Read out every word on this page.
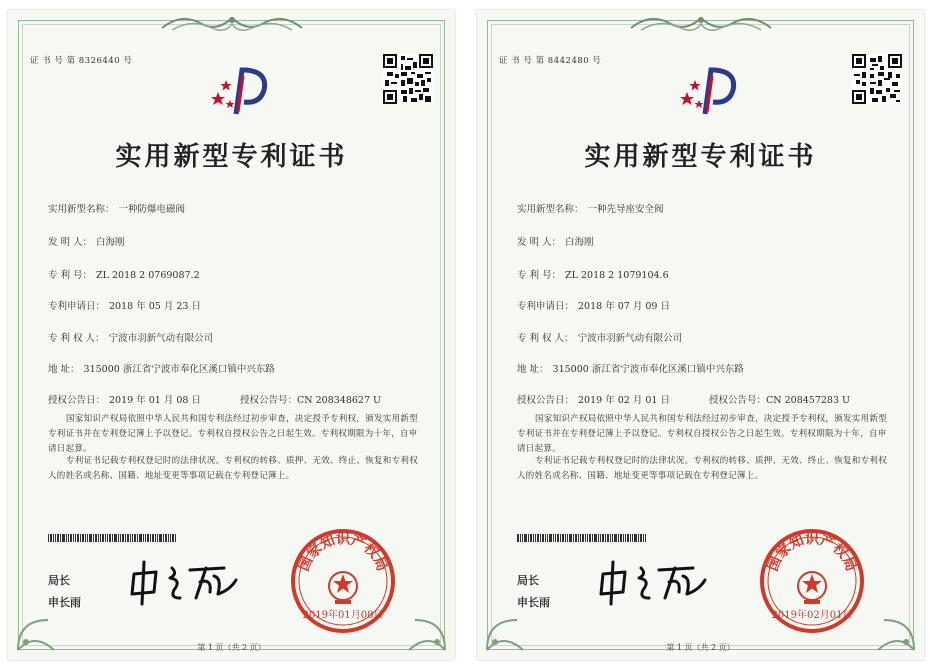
证 书 号 第 8326440 号
实用新型专利证书
实用新型名称： 一种防爆电磁阀
发 明 人： 白海刚
专 利 号： ZL 2018 2 0769087.2
专利申请日： 2018 年 05 月 23 日
专 利 权 人： 宁波市羽新气动有限公司
地 址： 315000 浙江省宁波市奉化区溪口镇中兴东路
授权公告日： 2019 年 01 月 08 日	授权公告号：CN 208348627 U
国家知识产权局依照中华人民共和国专利法经过初步审查，决定授予专利权，颁发实用新型专利证书并在专利登记簿上予以登记。专利权自授权公告之日起生效。专利权期限为十年，自申请日起算。
专利证书记载专利权登记时的法律状况。专利权的转移、质押、无效、终止、恢复和专利权人的姓名或名称、国籍、地址变更等事项记载在专利登记簿上。
局长
申长雨
国家知识产权局
2019年01月08日
第 1 页（共 2 页）
证 书 号 第 8442480 号
实用新型专利证书
实用新型名称： 一种先导座安全阀
发 明 人： 白海刚
专 利 号： ZL 2018 2 1079104.6
专利申请日： 2018 年 07 月 09 日
专 利 权 人： 宁波市羽新气动有限公司
地 址： 315000 浙江省宁波市奉化区溪口镇中兴东路
授权公告日： 2019 年 02 月 01 日	授权公告号：CN 208457283 U
国家知识产权局依照中华人民共和国专利法经过初步审查，决定授予专利权，颁发实用新型专利证书并在专利登记簿上予以登记。专利权自授权公告之日起生效。专利权期限为十年，自申请日起算。
专利证书记载专利权登记时的法律状况。专利权的转移、质押、无效、终止、恢复和专利权人的姓名或名称、国籍、地址变更等事项记载在专利登记簿上。
局长
申长雨
国家知识产权局
2019年02月01日
第 1 页（共 2 页）
